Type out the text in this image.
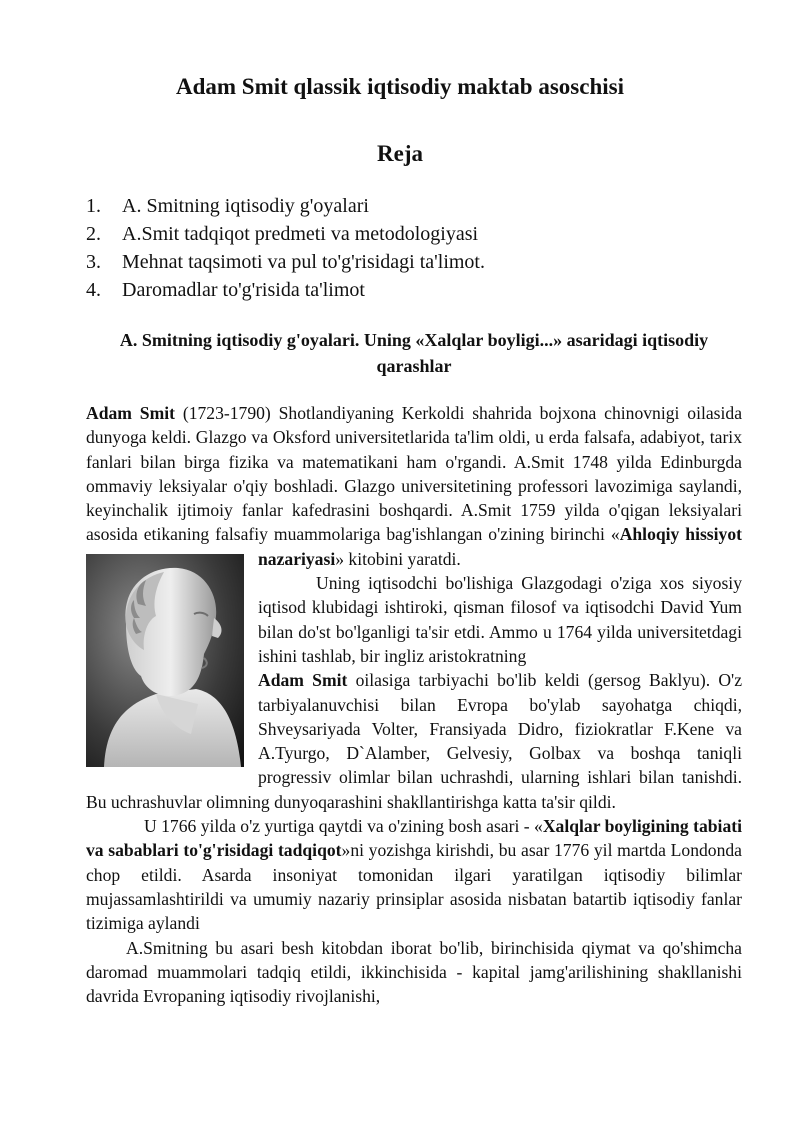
Adam Smit qlassik iqtisodiy maktab asoschisi
Reja
1.	A. Smitning iqtisodiy g'oyalari
2.	A.Smit tadqiqot predmeti va metodologiyasi
3.	Mehnat taqsimoti va pul to'g'risidagi ta'limot.
4.	Daromadlar to'g'risida ta'limot
A. Smitning iqtisodiy g'oyalari. Uning «Xalqlar boyligi...» asaridagi iqtisodiy qarashlar

Adam Smit (1723-1790) Shotlandiyaning Kerkoldi shahrida bojxona chinovnigi oilasida dunyoga keldi. Glazgo va Oksford universitetlarida ta'lim oldi, u erda falsafa, adabiyot, tarix fanlari bilan birga fizika va matematikani ham o'rgandi. A.Smit 1748 yilda Edinburgda ommaviy leksiyalar o'qiy boshladi. Glazgo universitetining professori lavozimiga saylandi, keyinchalik ijtimoiy fanlar kafedrasini boshqardi. A.Smit 1759 yilda o'qigan leksiyalari asosida etikaning falsafiy muammolariga bag'ishlangan o'zining birinchi «
Ahloqiy hissiyot nazariyasi» kitobini yaratdi.

Uning iqtisodchi bo'lishiga Glazgodagi o'ziga xos siyosiy iqtisod klubidagi ishtiroki, qisman filosof va iqtisodchi David Yum bilan do'st bo'lganligi ta'sir etdi. Ammo u 1764 yilda universitetdagi ishini tashlab, bir ingliz aristokratning

Adam Smit oilasiga tarbiyachi bo'lib keldi (gersog Baklyu). O'z tarbiyalanuvchisi bilan Evropa bo'ylab sayohatga chiqdi, Shveysariyada Volter, Fransiyada Didro, fiziokratlar F.Kene va A.Tyurgo, D`Alamber, Gelvesiy, Golbax va boshqa taniqli progressiv olimlar bilan uchrashdi, ularning ishlari bilan tanishdi. Bu uchrashuvlar olimning dunyoqarashini shakllantirishga katta ta'sir qildi.

U 1766 yilda o'z yurtiga qaytdi va o'zining bosh asari - «Xalqlar boyligining tabiati va sabablari to'g'risidagi tadqiqot»ni yozishga kirishdi, bu asar 1776 yil martda Londonda chop etildi. Asarda insoniyat tomonidan ilgari yaratilgan iqtisodiy bilimlar mujassamlashtirildi va umumiy nazariy prinsiplar asosida nisbatan batartib iqtisodiy fanlar tizimiga aylandi

A.Smitning bu asari besh kitobdan iborat bo'lib, birinchisida qiymat va qo'shimcha daromad muammolari tadqiq etildi, ikkinchisida - kapital jamg'arilishining shakllanishi davrida Evropaning iqtisodiy rivojlanishi,
